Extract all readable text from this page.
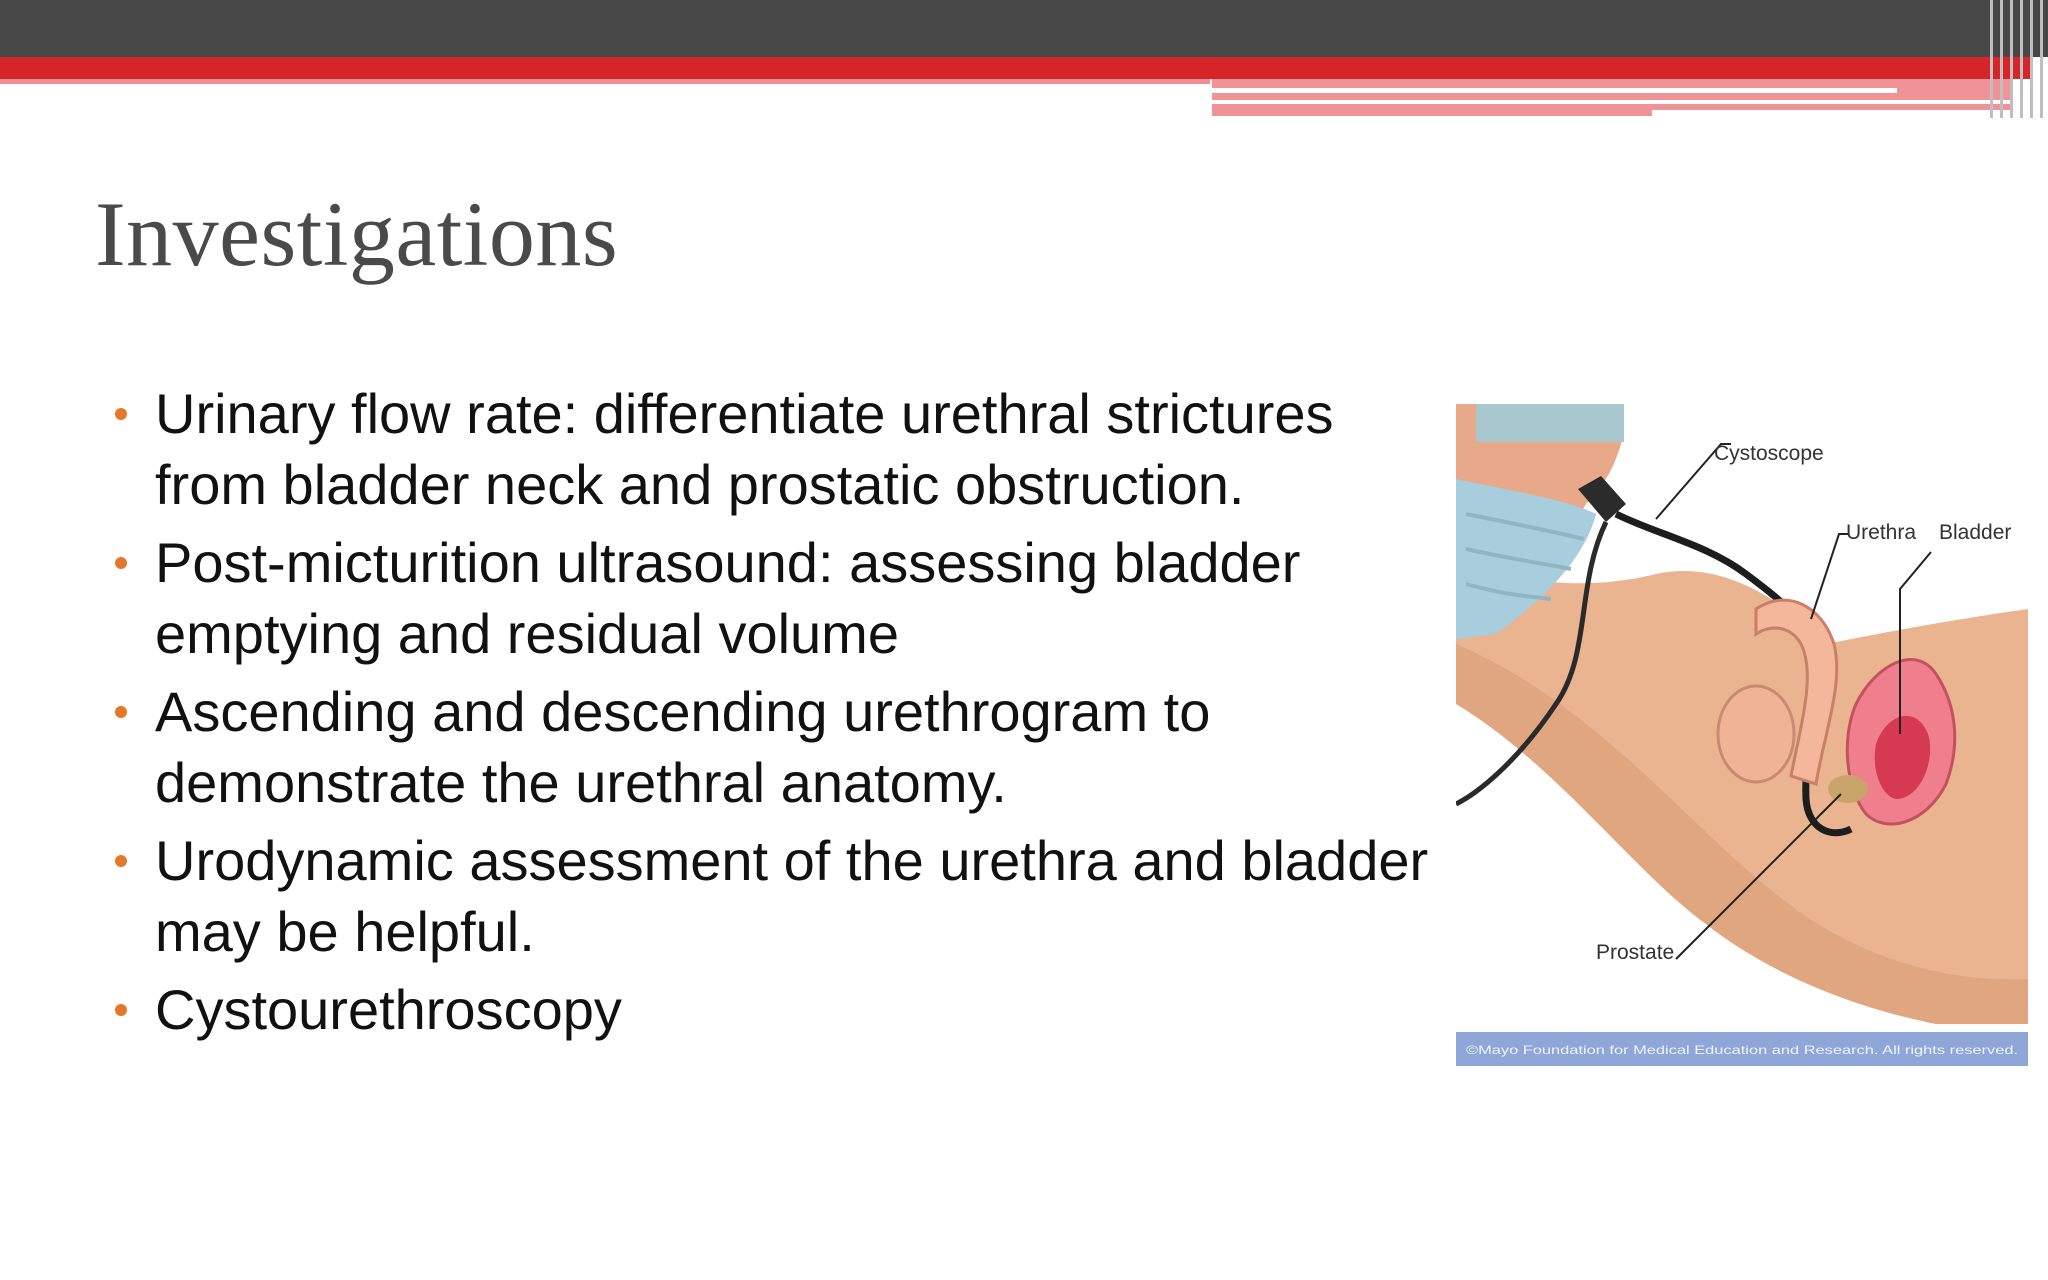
Investigations
Urinary flow rate: differentiate urethral strictures from bladder neck and prostatic obstruction.
Post-micturition ultrasound: assessing bladder emptying and residual volume
Ascending and descending urethrogram to demonstrate the urethral anatomy.
Urodynamic assessment of the urethra and bladder may be helpful.
Cystourethroscopy
Cystoscope
Urethra Bladder
Prostate
©Mayo Foundation for Medical Education and Research. All rights reserved.
